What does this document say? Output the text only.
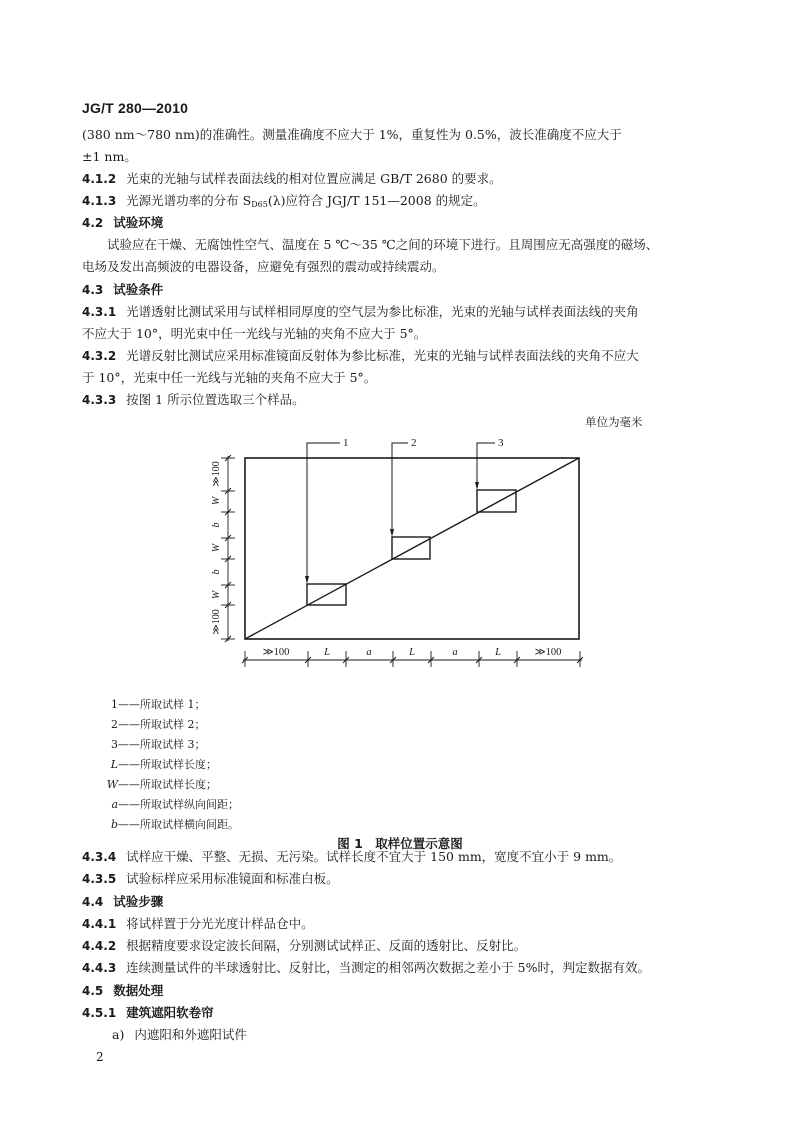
JG/T 280—2010
(380 nm～780 nm)的准确性。测量准确度不应大于 1%，重复性为 0.5%，波长准确度不应大于
±1 nm。
4.1.2 光束的光轴与试样表面法线的相对位置应满足 GB/T 2680 的要求。
4.1.3 光源光谱功率的分布 $S_{D65}(\lambda)$应符合 JGJ/T 151—2008 的规定。
4.2 试验环境
试验应在干燥、无腐蚀性空气、温度在 5 ℃～35 ℃之间的环境下进行。且周围应无高强度的磁场、
电场及发出高频波的电器设备，应避免有强烈的震动或持续震动。
4.3 试验条件
4.3.1 光谱透射比测试采用与试样相同厚度的空气层为参比标准，光束的光轴与试样表面法线的夹角
不应大于 10°，明光束中任一光线与光轴的夹角不应大于 5°。
4.3.2 光谱反射比测试应采用标准镜面反射体为参比标准，光束的光轴与试样表面法线的夹角不应大
于 10°，光束中任一光线与光轴的夹角不应大于 5°。
4.3.3 按图 1 所示位置选取三个样品。
单位为毫米
1	2	3
≫100	L	a	L	a	L	≫100
≫100
W
b
W
b
W
≫100
1——所取试样 1；
2——所取试样 2；
3——所取试样 3；
L——所取试样长度；
W——所取试样长度；
a——所取试样纵向间距；
b——所取试样横向间距。
图 1　取样位置示意图
4.3.4 试样应干燥、平整、无损、无污染。试样长度不宜大于 150 mm，宽度不宜小于 9 mm。
4.3.5 试验标样应采用标准镜面和标准白板。
4.4 试验步骤
4.4.1 将试样置于分光光度计样品仓中。
4.4.2 根据精度要求设定波长间隔，分别测试试样正、反面的透射比、反射比。
4.4.3 连续测量试件的半球透射比、反射比，当测定的相邻两次数据之差小于 5%时，判定数据有效。
4.5 数据处理
4.5.1 建筑遮阳软卷帘
a) 内遮阳和外遮阳试件
2
